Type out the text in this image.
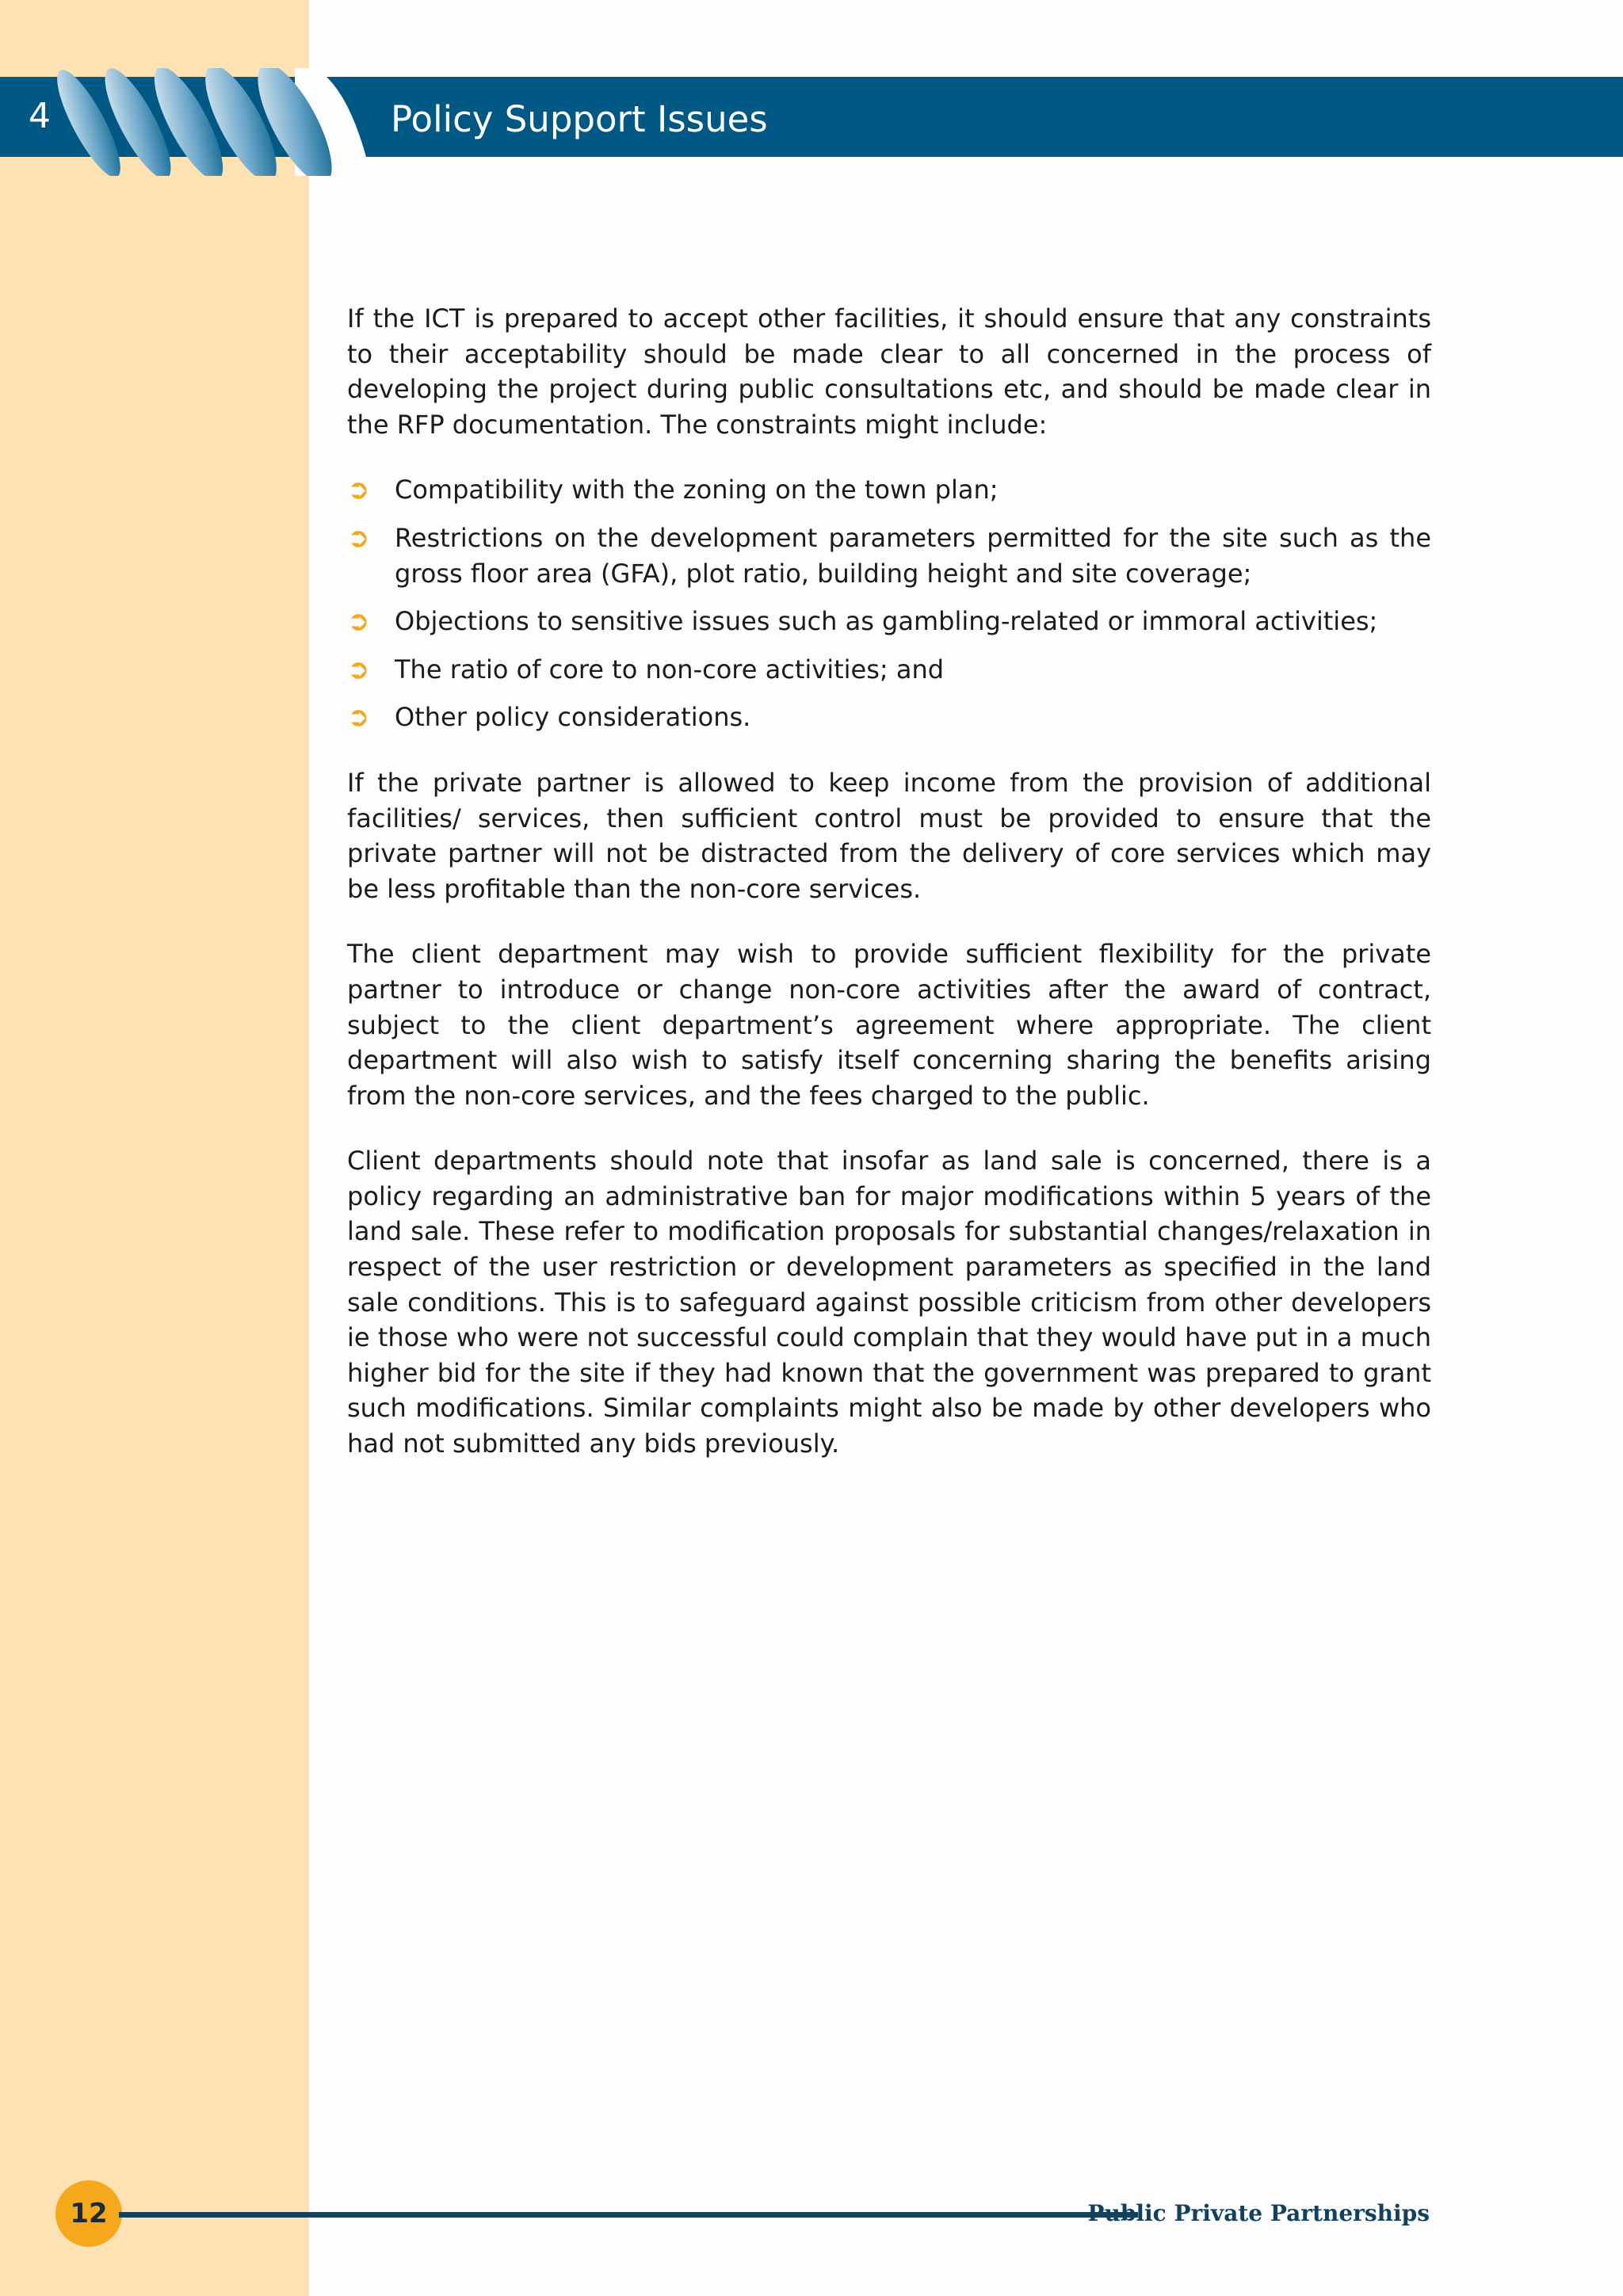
4	Policy Support Issues

If the ICT is prepared to accept other facilities, it should ensure that any constraints to their acceptability should be made clear to all concerned in the process of developing the project during public consultations etc, and should be made clear in the RFP documentation. The constraints might include:

➲ Compatibility with the zoning on the town plan;
➲ Restrictions on the development parameters permitted for the site such as the gross floor area (GFA), plot ratio, building height and site coverage;
➲ Objections to sensitive issues such as gambling-related or immoral activities;
➲ The ratio of core to non-core activities; and
➲ Other policy considerations.

If the private partner is allowed to keep income from the provision of additional facilities/ services, then sufficient control must be provided to ensure that the private partner will not be distracted from the delivery of core services which may be less profitable than the non-core services.

The client department may wish to provide sufficient flexibility for the private partner to introduce or change non-core activities after the award of contract, subject to the client department’s agreement where appropriate. The client department will also wish to satisfy itself concerning sharing the benefits arising from the non-core services, and the fees charged to the public.

Client departments should note that insofar as land sale is concerned, there is a policy regarding an administrative ban for major modifications within 5 years of the land sale. These refer to modification proposals for substantial changes/relaxation in respect of the user restriction or development parameters as specified in the land sale conditions. This is to safeguard against possible criticism from other developers ie those who were not successful could complain that they would have put in a much higher bid for the site if they had known that the government was prepared to grant such modifications. Similar complaints might also be made by other developers who had not submitted any bids previously.

12	Public Private Partnerships
